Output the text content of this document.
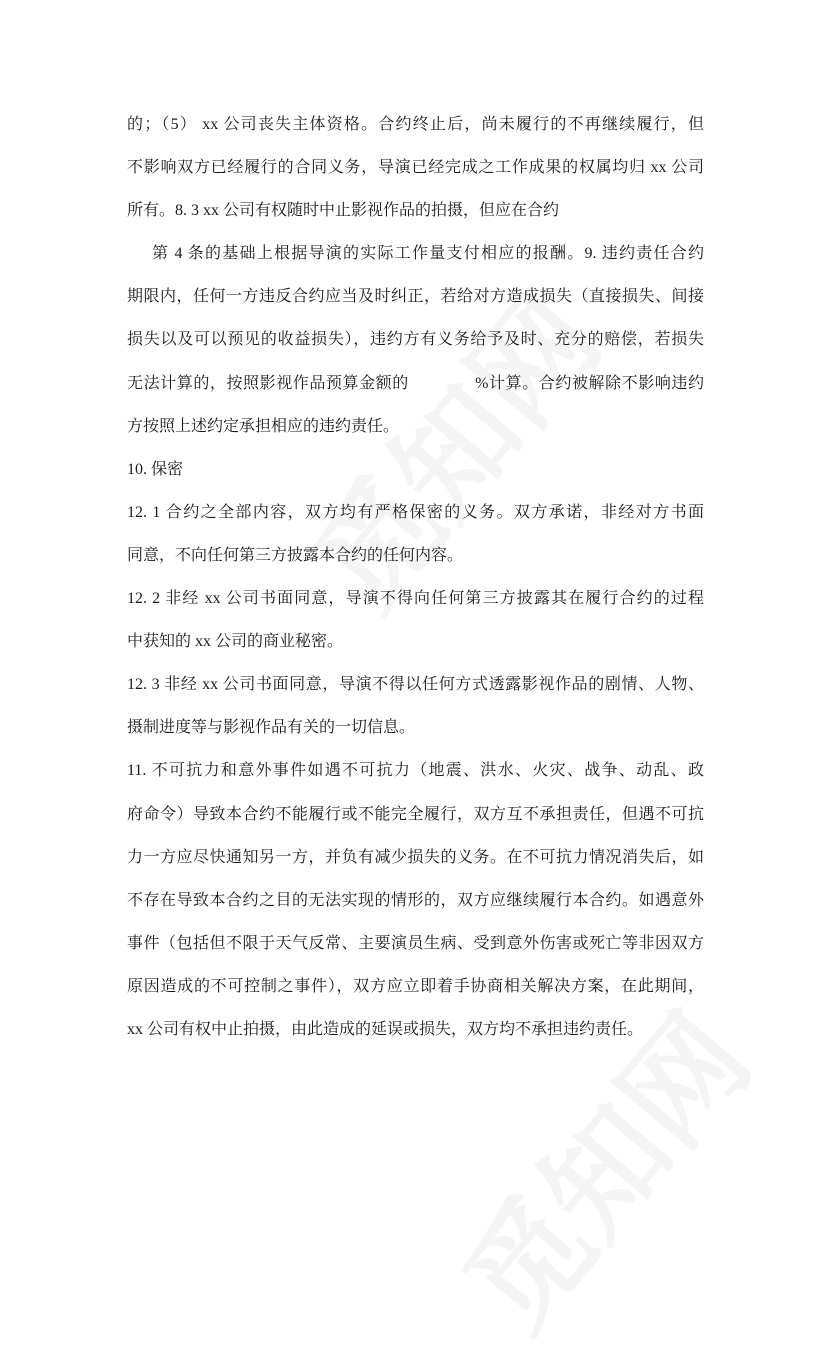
的；（5） xx 公司丧失主体资格。合约终止后，尚未履行的不再继续履行，但
不影响双方已经履行的合同义务，导演已经完成之工作成果的权属均归 xx 公司
所有。8. 3 xx 公司有权随时中止影视作品的拍摄，但应在合约
第 4 条的基础上根据导演的实际工作量支付相应的报酬。9. 违约责任合约
期限内，任何一方违反合约应当及时纠正，若给对方造成损失（直接损失、间接
损失以及可以预见的收益损失），违约方有义务给予及时、充分的赔偿，若损失
无法计算的，按照影视作品预算金额的　　　　%计算。合约被解除不影响违约
方按照上述约定承担相应的违约责任。
10. 保密
12. 1 合约之全部内容，双方均有严格保密的义务。双方承诺，非经对方书面
同意，不向任何第三方披露本合约的任何内容。
12. 2 非经 xx 公司书面同意，导演不得向任何第三方披露其在履行合约的过程
中获知的 xx 公司的商业秘密。
12. 3 非经 xx 公司书面同意，导演不得以任何方式透露影视作品的剧情、人物、
摄制进度等与影视作品有关的一切信息。
11. 不可抗力和意外事件如遇不可抗力（地震、洪水、火灾、战争、动乱、政
府命令）导致本合约不能履行或不能完全履行，双方互不承担责任，但遇不可抗
力一方应尽快通知另一方，并负有减少损失的义务。在不可抗力情况消失后，如
不存在导致本合约之目的无法实现的情形的，双方应继续履行本合约。如遇意外
事件（包括但不限于天气反常、主要演员生病、受到意外伤害或死亡等非因双方
原因造成的不可控制之事件），双方应立即着手协商相关解决方案，在此期间，
xx 公司有权中止拍摄，由此造成的延误或损失，双方均不承担违约责任。
